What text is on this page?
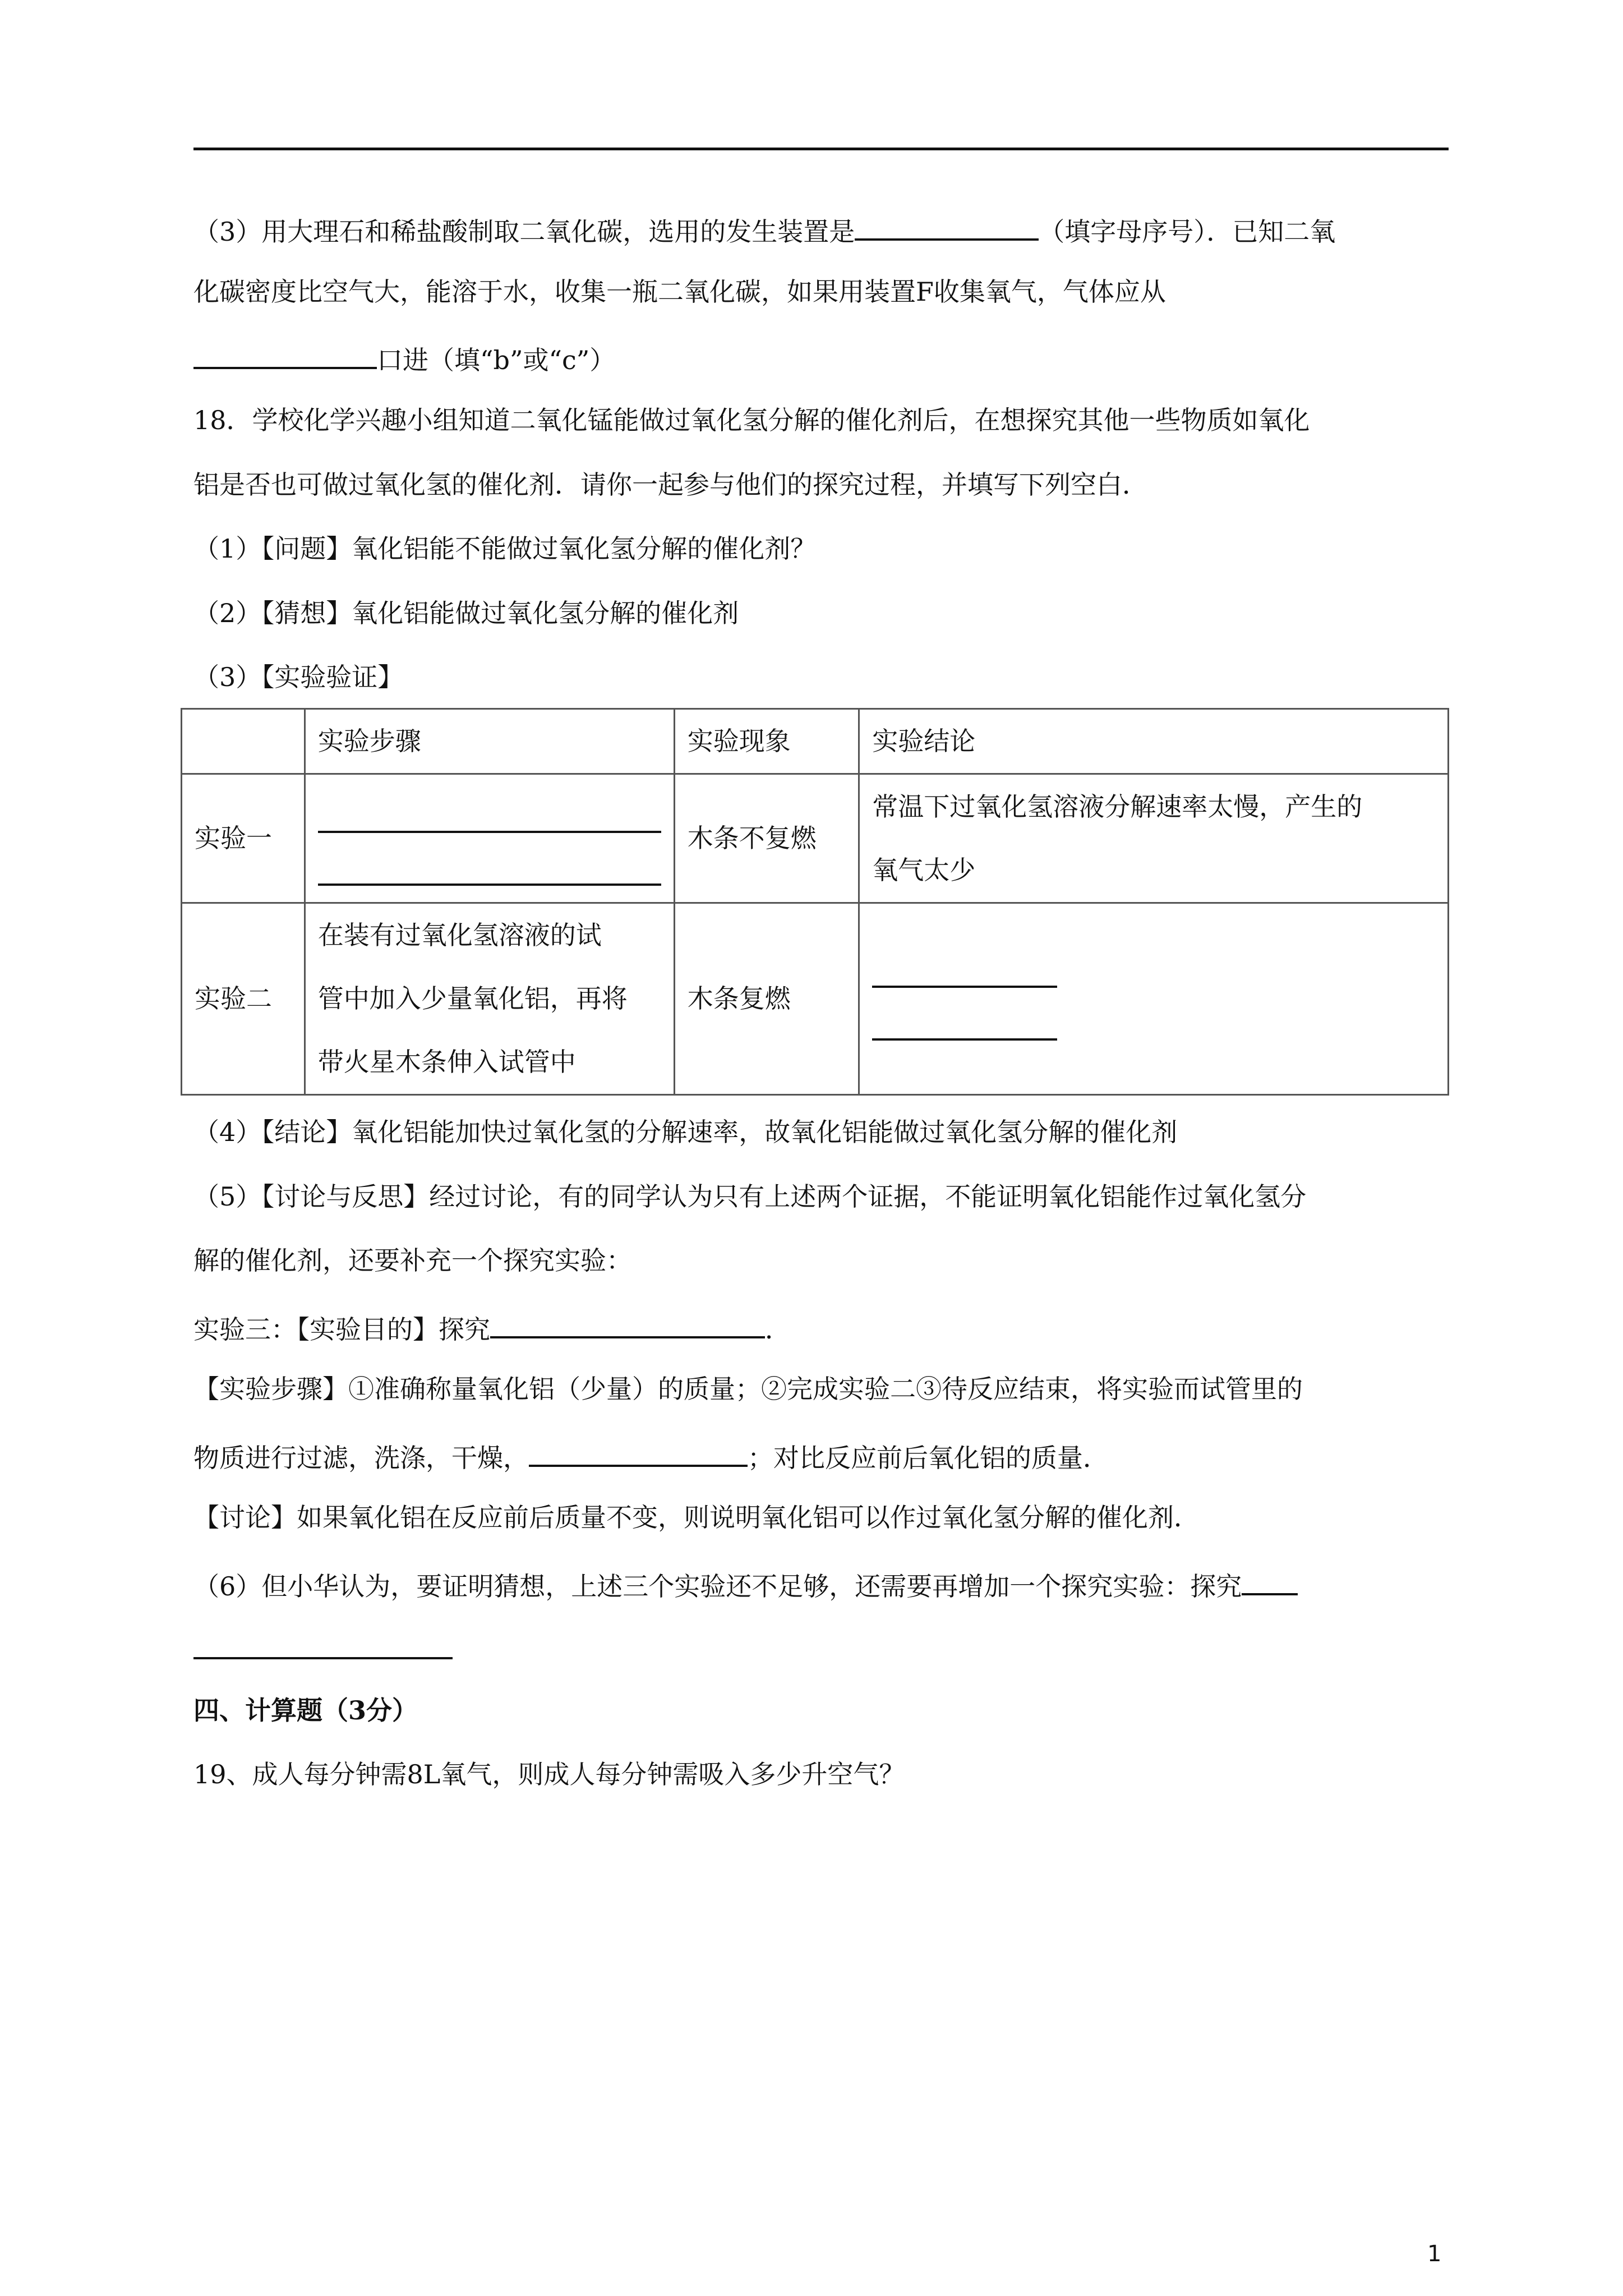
（3）用大理石和稀盐酸制取二氧化碳，选用的发生装置是	（填字母序号）．已知二氧
化碳密度比空气大，能溶于水，收集一瓶二氧化碳，如果用装置F收集氧气，气体应从
口进（填“b”或“c”）
18．学校化学兴趣小组知道二氧化锰能做过氧化氢分解的催化剂后，在想探究其他一些物质如氧化
铝是否也可做过氧化氢的催化剂．请你一起参与他们的探究过程，并填写下列空白．
（1）【问题】氧化铝能不能做过氧化氢分解的催化剂？
（2）【猜想】氧化铝能做过氧化氢分解的催化剂
（3）【实验验证】
	实验步骤	实验现象	实验结论
实验一		木条不复燃	常温下过氧化氢溶液分解速率太慢，产生的
氧气太少

实验二	在装有过氧化氢溶液的试
管中加入少量氧化铝，再将
带火星木条伸入试管中	木条复燃	
（4）【结论】氧化铝能加快过氧化氢的分解速率，故氧化铝能做过氧化氢分解的催化剂
（5）【讨论与反思】经过讨论，有的同学认为只有上述两个证据，不能证明氧化铝能作过氧化氢分
解的催化剂，还要补充一个探究实验：
实验三：【实验目的】探究	．
【实验步骤】①准确称量氧化铝（少量）的质量；②完成实验二③待反应结束，将实验而试管里的
物质进行过滤，洗涤，干燥，	；对比反应前后氧化铝的质量．
【讨论】如果氧化铝在反应前后质量不变，则说明氧化铝可以作过氧化氢分解的催化剂．
（6）但小华认为，要证明猜想，上述三个实验还不足够，还需要再增加一个探究实验：探究
四、计算题（3分）
19、成人每分钟需8L氧气，则成人每分钟需吸入多少升空气？
1
